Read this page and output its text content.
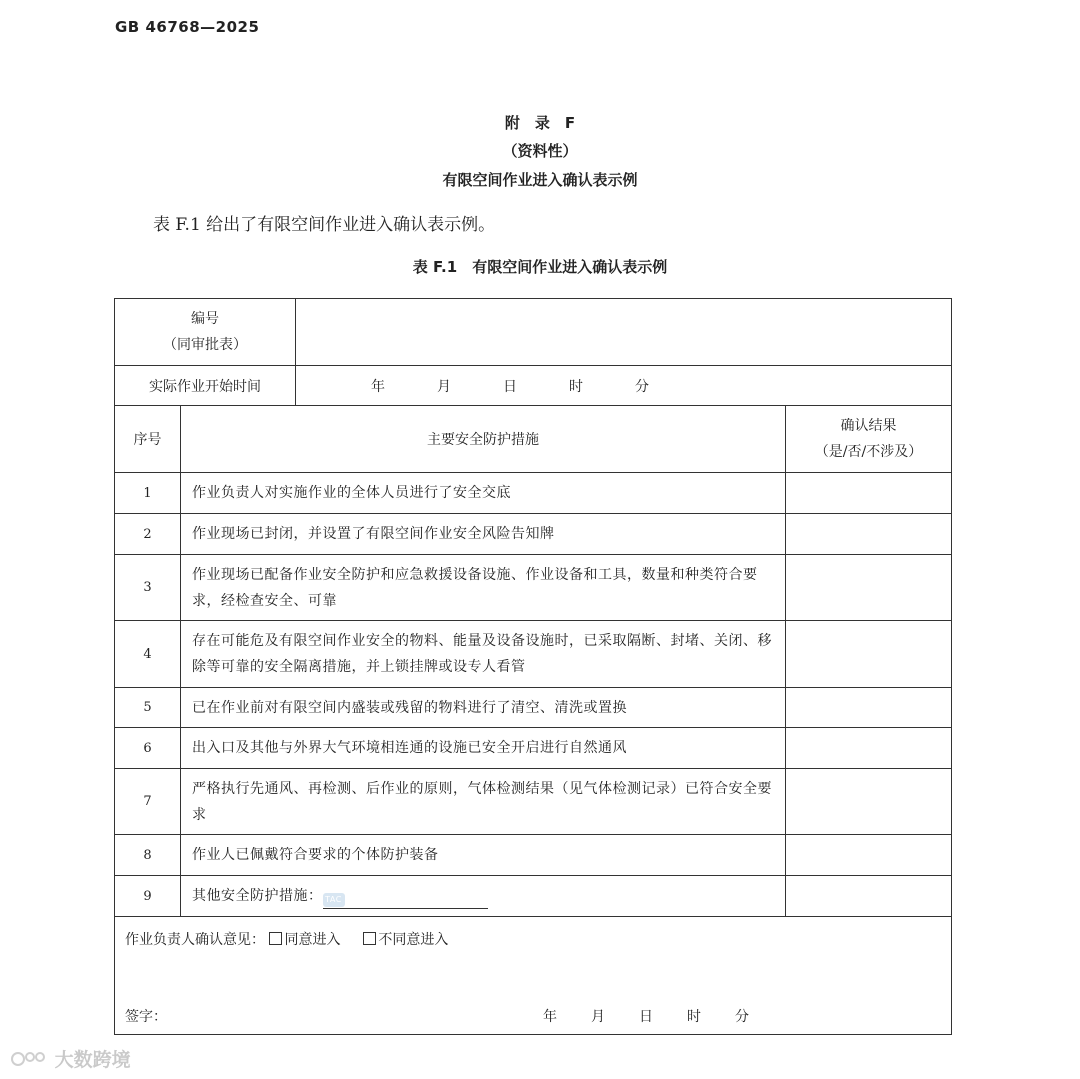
GB 46768—2025
附　录　F
（资料性）
有限空间作业进入确认表示例
表 F.1 给出了有限空间作业进入确认表示例。
表 F.1　有限空间作业进入确认表示例
编号
（同审批表）			

实际作业开始时间		年 月 日 时 分	

序号	主要安全防护措施		确认结果
（是/否/不涉及）

1	作业负责人对实施作业的全体人员进行了安全交底		
2	作业现场已封闭，并设置了有限空间作业安全风险告知牌		
3	作业现场已配备作业安全防护和应急救援设备设施、作业设备和工具，数量和种类符合要求，经检查安全、可靠		
4	存在可能危及有限空间作业安全的物料、能量及设备设施时，已采取隔断、封堵、关闭、移除等可靠的安全隔离措施，并上锁挂牌或设专人看管		
5	已在作业前对有限空间内盛装或残留的物料进行了清空、清洗或置换		
6	出入口及其他与外界大气环境相连通的设施已安全开启进行自然通风		
7	严格执行先通风、再检测、后作业的原则，气体检测结果（见气体检测记录）已符合安全要求		
8	作业人已佩戴符合要求的个体防护装备		
9	其他安全防护措施： TAC		

作业负责人确认意见： 同意进入 不同意进入
签字： 年 月 日 时 分			
大数跨境
